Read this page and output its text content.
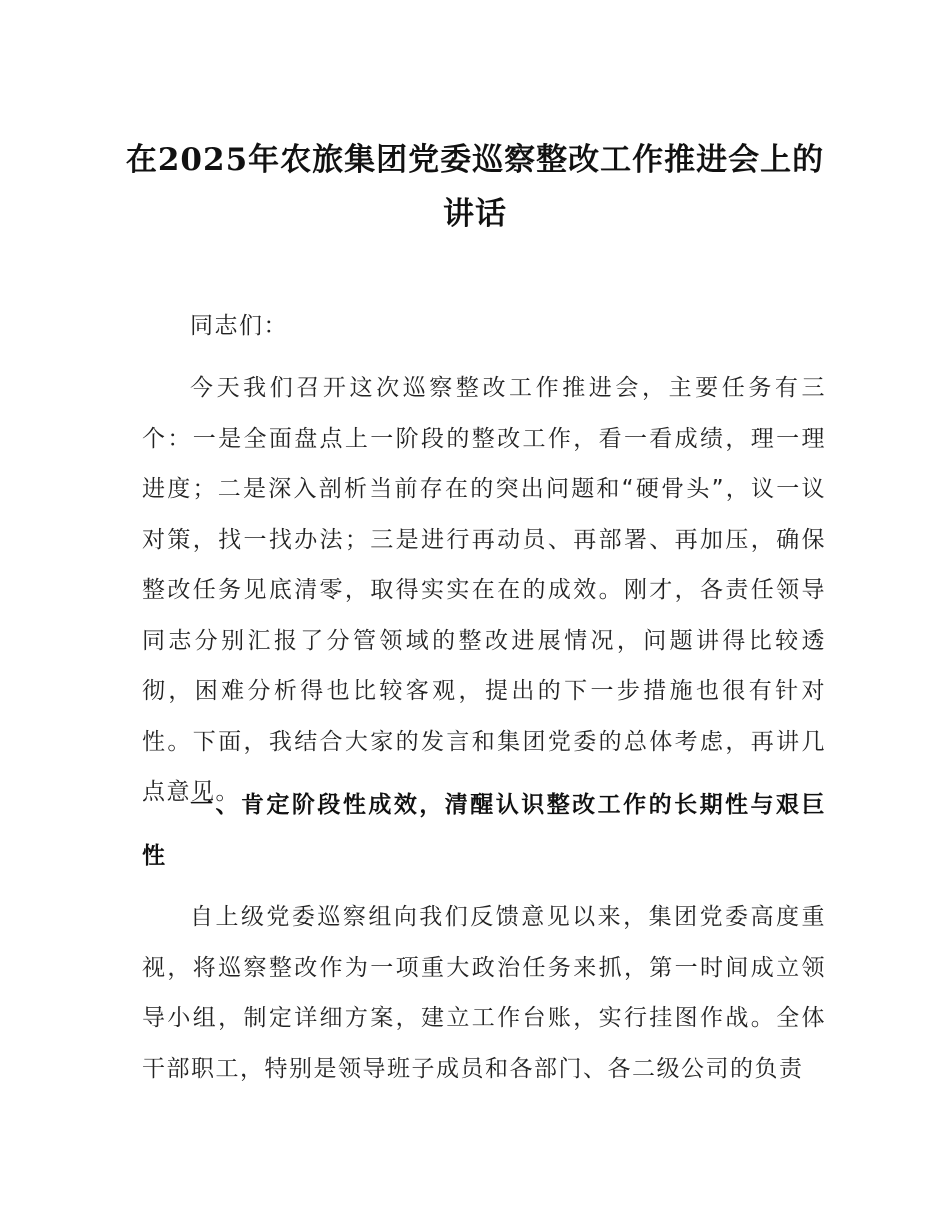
在2025年农旅集团党委巡察整改工作推进会上的讲话

同志们：

今天我们召开这次巡察整改工作推进会，主要任务有三个：一是全面盘点上一阶段的整改工作，看一看成绩，理一理进度；二是深入剖析当前存在的突出问题和“硬骨头”，议一议对策，找一找办法；三是进行再动员、再部署、再加压，确保整改任务见底清零，取得实实在在的成效。刚才，各责任领导同志分别汇报了分管领域的整改进展情况，问题讲得比较透彻，困难分析得也比较客观，提出的下一步措施也很有针对性。下面，我结合大家的发言和集团党委的总体考虑，再讲几点意见。

一、肯定阶段性成效，清醒认识整改工作的长期性与艰巨性

自上级党委巡察组向我们反馈意见以来，集团党委高度重视，将巡察整改作为一项重大政治任务来抓，第一时间成立领导小组，制定详细方案，建立工作台账，实行挂图作战。全体干部职工，特别是领导班子成员和各部门、各二级公司的负责
